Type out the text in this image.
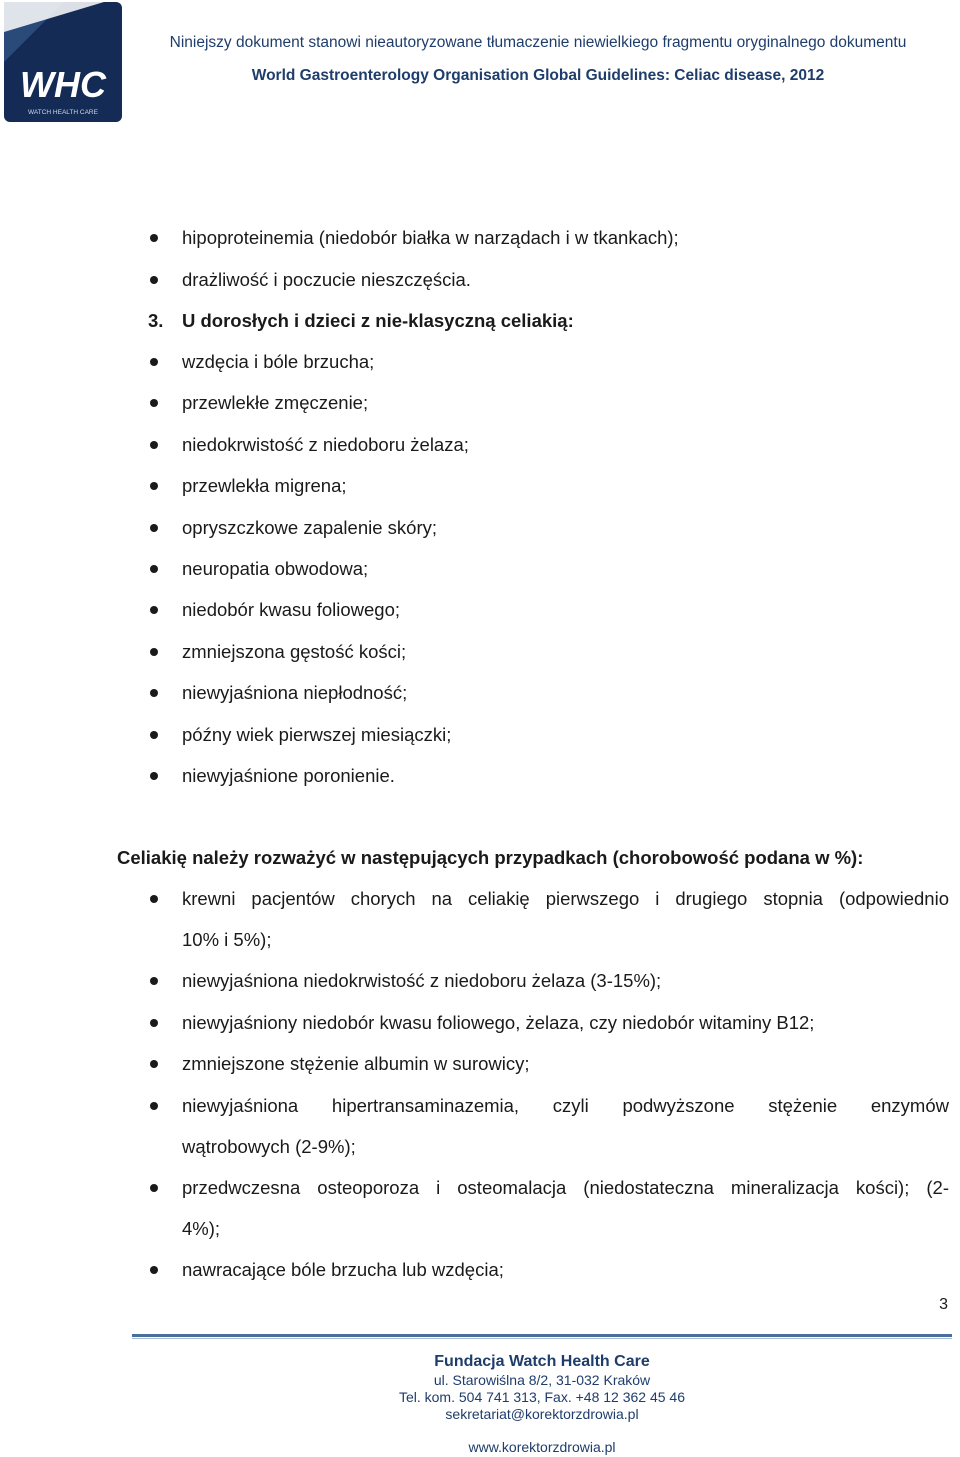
WHC
WATCH HEALTH CARE
Niniejszy dokument stanowi nieautoryzowane tłumaczenie niewielkiego fragmentu oryginalnego dokumentu
World Gastroenterology Organisation Global Guidelines: Celiac disease, 2012
hipoproteinemia (niedobór białka w narządach i w tkankach);
drażliwość i poczucie nieszczęścia.
3. U dorosłych i dzieci z nie-klasyczną celiakią:
wzdęcia i bóle brzucha;
przewlekłe zmęczenie;
niedokrwistość z niedoboru żelaza;
przewlekła migrena;
opryszczkowe zapalenie skóry;
neuropatia obwodowa;
niedobór kwasu foliowego;
zmniejszona gęstość kości;
niewyjaśniona niepłodność;
późny wiek pierwszej miesiączki;
niewyjaśnione poronienie.
Celiakię należy rozważyć w następujących przypadkach (chorobowość podana w %):
krewni pacjentów chorych na celiakię pierwszego i drugiego stopnia (odpowiednio
10% i 5%);
niewyjaśniona niedokrwistość z niedoboru żelaza (3-15%);
niewyjaśniony niedobór kwasu foliowego, żelaza, czy niedobór witaminy B12;
zmniejszone stężenie albumin w surowicy;
niewyjaśniona hipertransaminazemia, czyli podwyższone stężenie enzymów
wątrobowych (2-9%);
przedwczesna osteoporoza i osteomalacja (niedostateczna mineralizacja kości); (2-
4%);
nawracające bóle brzucha lub wzdęcia;
3
Fundacja Watch Health Care
ul. Starowiślna 8/2, 31-032 Kraków
Tel. kom. 504 741 313, Fax. +48 12 362 45 46
sekretariat@korektorzdrowia.pl
www.korektorzdrowia.pl
